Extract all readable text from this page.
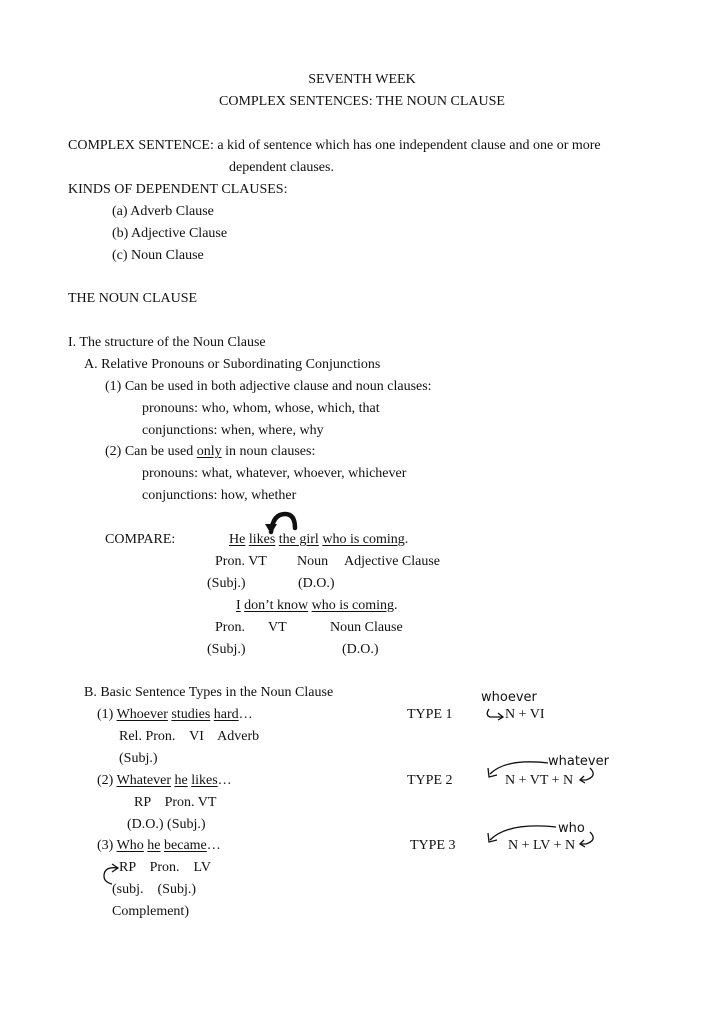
SEVENTH WEEK
COMPLEX SENTENCES: THE NOUN CLAUSE
COMPLEX SENTENCE: a kid of sentence which has one independent clause and one or more
dependent clauses.
KINDS OF DEPENDENT CLAUSES:
(a) Adverb Clause
(b) Adjective Clause
(c) Noun Clause
THE NOUN CLAUSE
I. The structure of the Noun Clause
A. Relative Pronouns or Subordinating Conjunctions
(1) Can be used in both adjective clause and noun clauses:
pronouns: who, whom, whose, which, that
conjunctions: when, where, why
(2) Can be used only in noun clauses:
pronouns: what, whatever, whoever, whichever
conjunctions: how, whether
COMPARE:	He likes the girl who is coming.
Pron. VT Noun Adjective Clause
(Subj.)	(D.O.)
I don’t know who is coming.
Pron. VT	Noun Clause
(Subj.)	(D.O.)
B. Basic Sentence Types in the Noun Clause	whoever
(1) Whoever studies hard…	TYPE 1	N + VI
Rel. Pron.    VI    Adverb
(Subj.)	whatever
(2) Whatever he likes…	TYPE 2	N + VT + N
RP    Pron. VT
(D.O.) (Subj.)	who
(3) Who he became…	TYPE 3	N + LV + N
RP    Pron.    LV
(subj.    (Subj.)
Complement)
